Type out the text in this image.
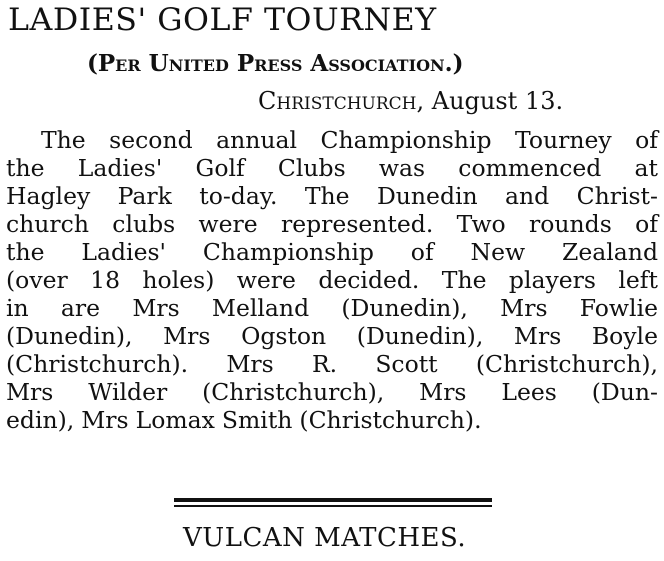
LADIES' GOLF TOURNEY
(Per United Press Association.)
Christchurch, August 13.
The second annual Championship Tourney of
the Ladies' Golf Clubs was commenced at
Hagley Park to-day. The Dunedin and Christ-
church clubs were represented. Two rounds of
the Ladies' Championship of New Zealand
(over 18 holes) were decided. The players left
in are Mrs Melland (Dunedin), Mrs Fowlie
(Dunedin), Mrs Ogston (Dunedin), Mrs Boyle
(Christchurch). Mrs R. Scott (Christchurch),
Mrs Wilder (Christchurch), Mrs Lees (Dun-
edin), Mrs Lomax Smith (Christchurch).
VULCAN MATCHES.
